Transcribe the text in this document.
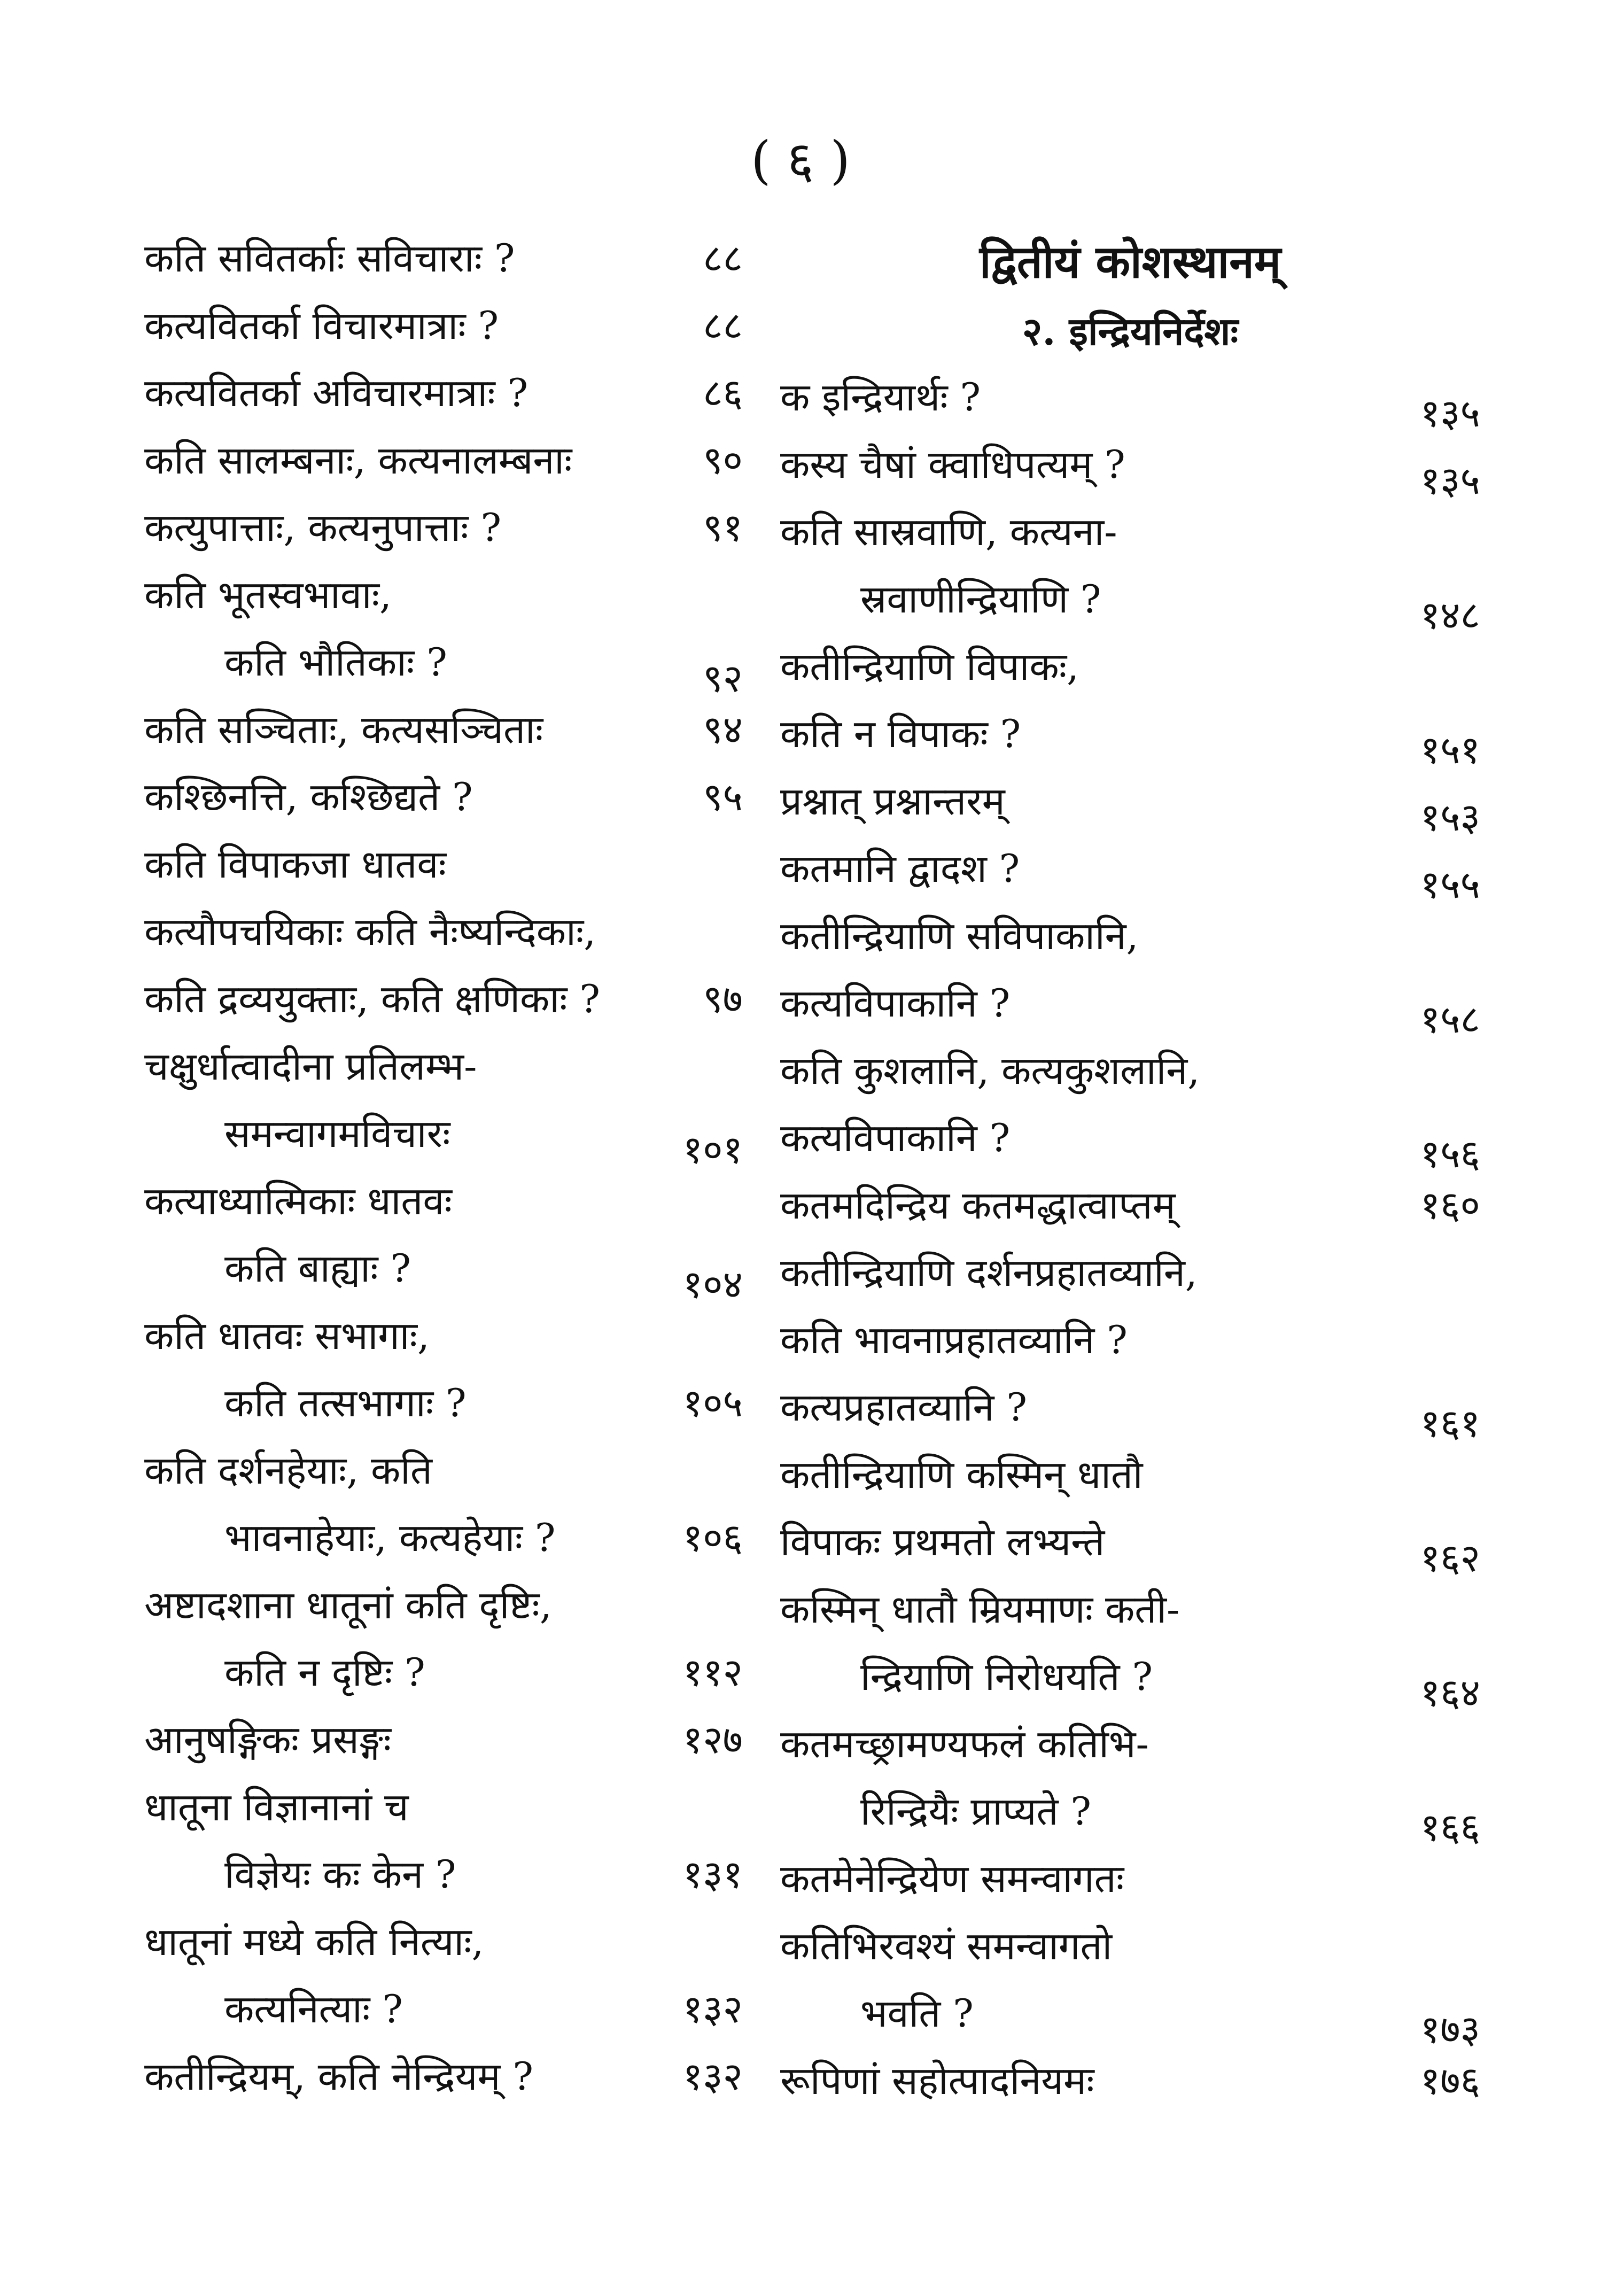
( ६ )
कति सवितर्काः सविचाराः ?	८८
कत्यवितर्का विचारमात्राः ?	८८
कत्यवितर्का अविचारमात्राः ?	८६
कति सालम्बनाः, कत्यनालम्बनाः	९०
कत्युपात्ताः, कत्यनुपात्ताः ?	९१
कति भूतस्वभावाः,
कति भौतिकाः ?	९२
कति सञ्चिताः, कत्यसञ्चिताः	९४
कश्छिनत्ति, कश्छिद्यते ?	९५
कति विपाकजा धातवः
कत्यौपचयिकाः कति नैःष्यन्दिकाः,
कति द्रव्ययुक्ताः, कति क्षणिकाः ?	९७
चक्षुर्धात्वादीना प्रतिलम्भ-
समन्वागमविचारः	१०१
कत्याध्यात्मिकाः धातवः
कति बाह्याः ?	१०४
कति धातवः सभागाः,
कति तत्सभागाः ?	१०५
कति दर्शनहेयाः, कति
भावनाहेयाः, कत्यहेयाः ?	१०६
अष्टादशाना धातूनां कति दृष्टिः,
कति न दृष्टिः ?	११२
आनुषङ्गिकः प्रसङ्गः	१२७
धातूना विज्ञानानां च
विज्ञेयः कः केन ?	१३१
धातूनां मध्ये कति नित्याः,
कत्यनित्याः ?	१३२
कतीन्द्रियम्, कति नेन्द्रियम् ?	१३२
द्वितीयं कोशस्थानम्
२. इन्द्रियनिर्देशः
क इन्द्रियार्थः ?	१३५
कस्य चैषां क्वाधिपत्यम् ?	१३५
कति सास्रवाणि, कत्यना-
स्रवाणीन्द्रियाणि ?	१४८
कतीन्द्रियाणि विपाकः,
कति न विपाकः ?	१५१
प्रश्नात् प्रश्नान्तरम्	१५३
कतमानि द्वादश ?	१५५
कतीन्द्रियाणि सविपाकानि,
कत्यविपाकानि ?	१५८
कति कुशलानि, कत्यकुशलानि,
कत्यविपाकानि ?	१५६
कतमदिन्द्रिय कतमद्धात्वाप्तम्	१६०
कतीन्द्रियाणि दर्शनप्रहातव्यानि,
कति भावनाप्रहातव्यानि ?
कत्यप्रहातव्यानि ?	१६१
कतीन्द्रियाणि कस्मिन् धातौ
विपाकः प्रथमतो लभ्यन्ते	१६२
कस्मिन् धातौ म्रियमाणः कती-
न्द्रियाणि निरोधयति ?	१६४
कतमच्छ्रामण्यफलं कतिभि-
रिन्द्रियैः प्राप्यते ?	१६६
कतमेनेन्द्रियेण समन्वागतः
कतिभिरवश्यं समन्वागतो
भवति ?	१७३
रूपिणां सहोत्पादनियमः	१७६
